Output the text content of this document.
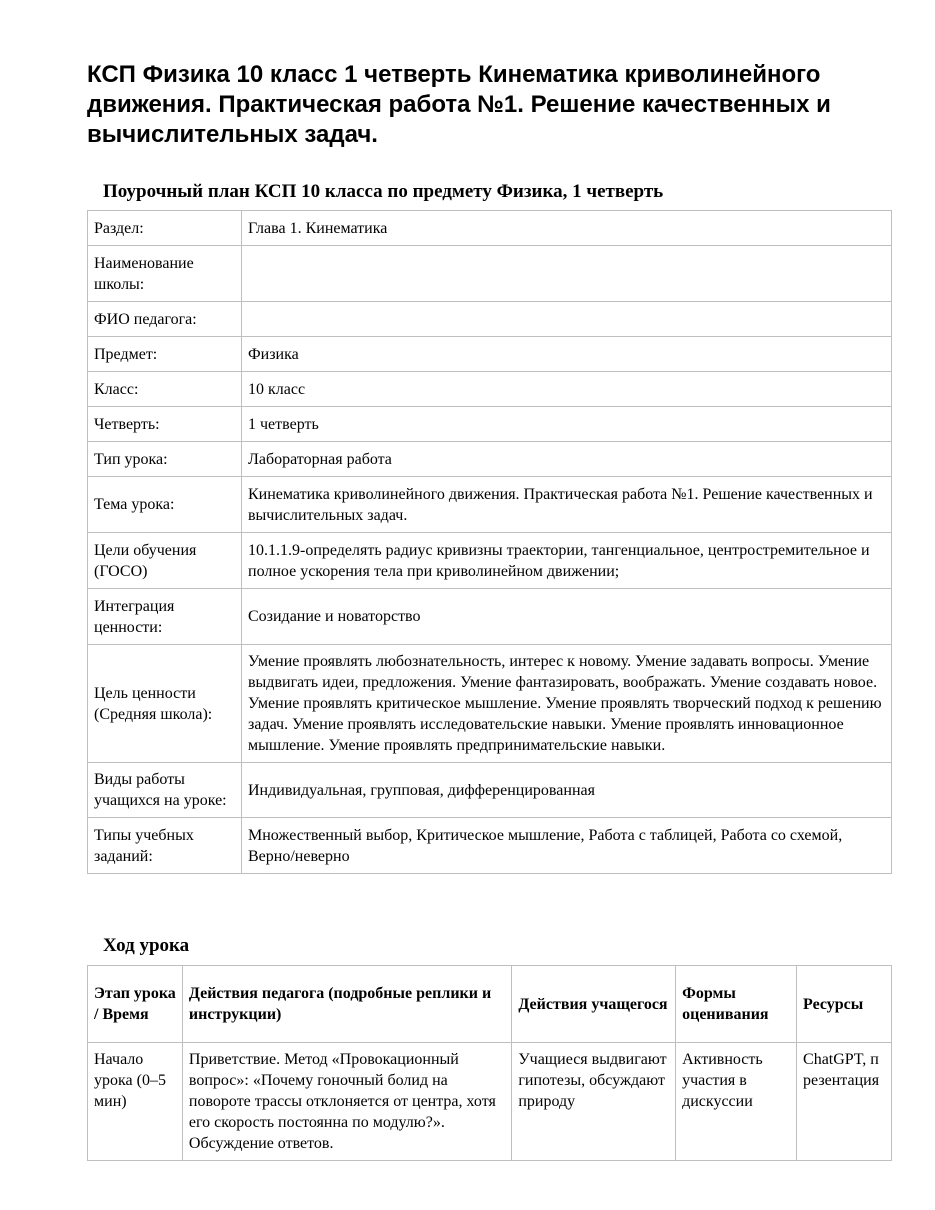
КСП Физика 10 класс 1 четверть Кинематика криволинейного движения. Практическая работа №1. Решение качественных и вычислительных задач.
Поурочный план КСП 10 класса по предмету Физика, 1 четверть
Раздел:	Глава 1. Кинематика
Наименование школы:	
ФИО педагога:	
Предмет:	Физика
Класс:	10 класс
Четверть:	1 четверть
Тип урока:	Лабораторная работа
Тема урока:	Кинематика криволинейного движения. Практическая работа №1. Решение качественных и вычислительных задач.
Цели обучения (ГОСО)	10.1.1.9-определять радиус кривизны траектории, тангенциальное, центростремительное и полное ускорения тела при криволинейном движении;
Интеграция ценности:	Созидание и новаторство
Цель ценности (Средняя школа):	Умение проявлять любознательность, интерес к новому. Умение задавать вопросы. Умение выдвигать идеи, предложения. Умение фантазировать, воображать. Умение создавать новое. Умение проявлять критическое мышление. Умение проявлять творческий подход к решению задач. Умение проявлять исследовательские навыки. Умение проявлять инновационное мышление. Умение проявлять предпринимательские навыки.
Виды работы учащихся на уроке:	Индивидуальная, групповая, дифференцированная
Типы учебных заданий:	Множественный выбор, Критическое мышление, Работа с таблицей, Работа со схемой, Верно/неверно
Ход урока
Этап урока / Время	Действия педагога (подробные реплики и инструкции)	Действия учащегося	Формы оценивания	Ресурсы
Начало урока (0–5 мин)	Приветствие. Метод «Провокационный вопрос»: «Почему гоночный болид на повороте трассы отклоняется от центра, хотя его скорость постоянна по модулю?». Обсуждение ответов.	Учащиеся выдвигают гипотезы, обсуждают природу	Активность участия в дискуссии	ChatGPT, презентация
